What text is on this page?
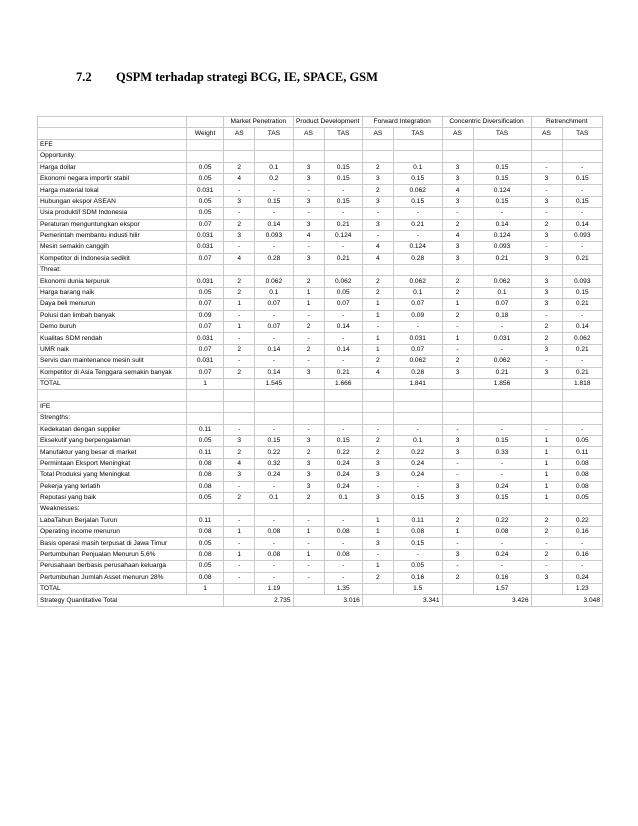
7.2 QSPM terhadap strategi BCG, IE, SPACE, GSM
		Market Penetration		Product Development		Forward Integration		Concentric Diversification		Retrenchment	
	Weight	AS	TAS	AS	TAS	AS	TAS	AS	TAS	AS	TAS
EFE											
Opportunity:											
Harga dollar	0.05	2	0.1	3	0.15	2	0.1	3	0.15	-	-
Ekonomi negara importir stabil	0.05	4	0.2	3	0.15	3	0.15	3	0.15	3	0.15
Harga material lokal	0.031	-	-	-	-	2	0.062	4	0.124	-	-
Hubungan ekspor ASEAN	0.05	3	0.15	3	0.15	3	0.15	3	0.15	3	0.15
Usia produktif SDM Indonesia	0.05	-	-	-	-	-	-	-	-	-	-
Peraturan menguntungkan ekspor	0.07	2	0.14	3	0.21	3	0.21	2	0.14	2	0.14
Pemerintah membantu industi hilir	0.031	3	0.093	4	0.124	-	-	4	0.124	3	0.093
Mesin semakin canggih	0.031	-	-	-	-	4	0.124	3	0.093	-	-
Kompetitor di Indonesia sedikit	0.07	4	0.28	3	0.21	4	0.28	3	0.21	3	0.21
Threat:											
Ekonomi dunia terpuruk	0.031	2	0.062	2	0.062	2	0.062	2	0.062	3	0.093
Harga barang naik	0.05	2	0.1	1	0.05	2	0.1	2	0.1	3	0.15
Daya beli menurun	0.07	1	0.07	1	0.07	1	0.07	1	0.07	3	0.21
Polusi dan limbah banyak	0.09	-	-	-	-	1	0.09	2	0.18	-	-
Demo buruh	0.07	1	0.07	2	0.14	-	-	-	-	2	0.14
Kualitas SDM rendah	0.031	-	-	-	-	1	0.031	1	0.031	2	0.062
UMR naik	0.07	2	0.14	2	0.14	1	0.07	-	-	3	0.21
Servis dan maintenance mesin sulit	0.031	-	-	-	-	2	0.062	2	0.062	-	-
Kompetitor di Asia Tenggara semakin banyak	0.07	2	0.14	3	0.21	4	0.28	3	0.21	3	0.21
TOTAL	1		1.545		1.666		1.841		1.856		1.818

IFE											
Strengths:											
Kedekatan dengan supplier	0.11	-	-	-	-	-	-	-	-	-	-
Eksekutif yang berpengalaman	0.05	3	0.15	3	0.15	2	0.1	3	0.15	1	0.05
Manufaktur yang besar di market	0.11	2	0.22	2	0.22	2	0.22	3	0.33	1	0.11
Permintaan Eksport Meningkat	0.08	4	0.32	3	0.24	3	0.24	-	-	1	0.08
Total Produksi yang Meningkat	0.08	3	0.24	3	0.24	3	0.24	-	-	1	0.08
Pekerja yang terlatih	0.08	-	-	3	0.24	-	-	3	0.24	1	0.08
Reputasi yang baik	0.05	2	0.1	2	0.1	3	0.15	3	0.15	1	0.05
Weaknesses:											
LabaTahun Berjalan Turun	0.11	-	-	-	-	1	0.11	2	0.22	2	0.22
Operating income menurun	0.08	1	0.08	1	0.08	1	0.08	1	0.08	2	0.16
Basis operasi masih terpusat di Jawa Timur	0.05	-	-	-	-	3	0.15	-	-	-	-
Pertumbuhan Penjualan Menurun 5,6%	0.08	1	0.08	1	0.08	-	-	3	0.24	2	0.16
Perusahaan berbasis perusahaan keluarga	0.05	-	-	-	-	1	0.05	-	-	-	-
Pertumbuhan Jumlah Asset menurun 28%	0.08	-	-	-	-	2	0.16	2	0.16	3	0.24
TOTAL	1		1.19		1.35		1.5		1.57		1.23
Strategy Quantitative Total		2.735		3.016		3.341		3.426		3.048	
